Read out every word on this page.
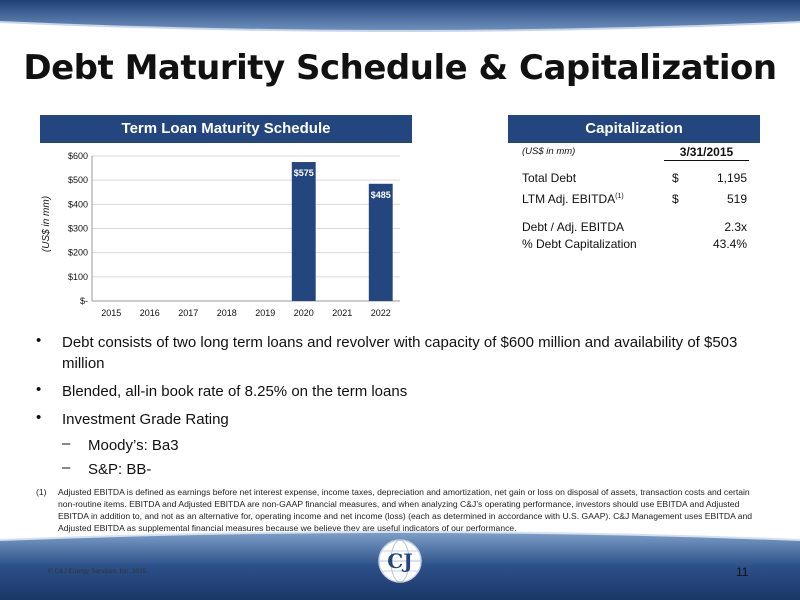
Debt Maturity Schedule & Capitalization
Term Loan Maturity Schedule	Capitalization
(US$ in mm)
$-
$100
$200
$300
$400
$500
$600
2015 2016 2017 2018 2019
$575
2020 2021
$485
2022
(US$ in mm)	3/31/2015
Total Debt	$	1,195
LTM Adj. EBITDA$^{(1)}$	$	519
Debt / Adj. EBITDA	2.3x
% Debt Capitalization	43.4%
• Debt consists of two long term loans and revolver with capacity of $600 million and availability of $503 million
• Blended, all-in book rate of 8.25% on the term loans
• Investment Grade Rating
– Moody’s: Ba3
– S&P: BB-
(1) Adjusted EBITDA is defined as earnings before net interest expense, income taxes, depreciation and amortization, net gain or loss on disposal of assets, transaction costs and certain non-routine items. EBITDA and Adjusted EBITDA are non-GAAP financial measures, and when analyzing C&J’s operating performance, investors should use EBITDA and Adjusted EBITDA in addition to, and not as an alternative for, operating income and net income (loss) (each as determined in accordance with U.S. GAAP). C&J Management uses EBITDA and Adjusted EBITDA as supplemental financial measures because we believe they are useful indicators of our performance.
CJ
© C&J Energy Services, Inc. 2015	11
